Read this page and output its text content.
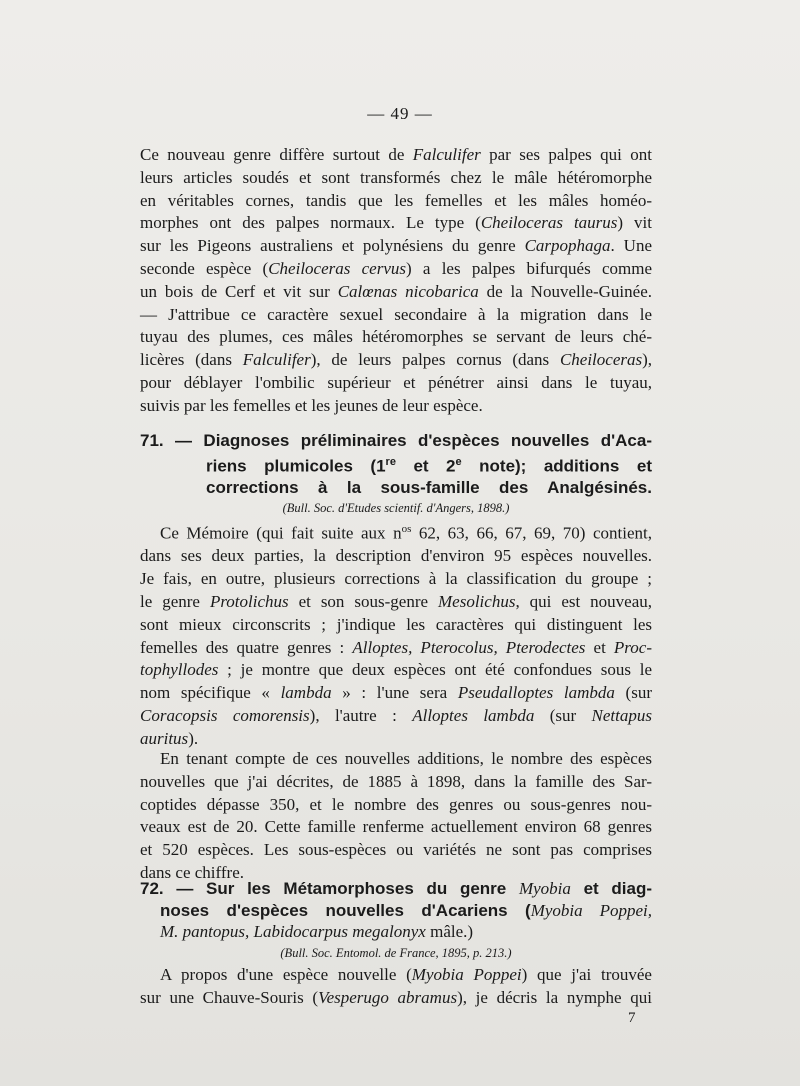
— 49 —

Ce nouveau genre diffère surtout de Falculifer par ses palpes qui ont
leurs articles soudés et sont transformés chez le mâle hétéromorphe
en véritables cornes, tandis que les femelles et les mâles homéo-
morphes ont des palpes normaux. Le type (Cheiloceras taurus) vit
sur les Pigeons australiens et polynésiens du genre Carpophaga. Une
seconde espèce (Cheiloceras cervus) a les palpes bifurqués comme
un bois de Cerf et vit sur Calœnas nicobarica de la Nouvelle-Guinée.
— J'attribue ce caractère sexuel secondaire à la migration dans le
tuyau des plumes, ces mâles hétéromorphes se servant de leurs ché-
licères (dans Falculifer), de leurs palpes cornus (dans Cheiloceras),
pour déblayer l'ombilic supérieur et pénétrer ainsi dans le tuyau,
suivis par les femelles et les jeunes de leur espèce.

71. — Diagnoses préliminaires d'espèces nouvelles d'Aca-
riens plumicoles (1re et 2e note); additions et
corrections à la sous-famille des Analgésinés.
(Bull. Soc. d'Etudes scientif. d'Angers, 1898.)

Ce Mémoire (qui fait suite aux $n^{os}$ 62, 63, 66, 67, 69, 70) contient,
dans ses deux parties, la description d'environ 95 espèces nouvelles.
Je fais, en outre, plusieurs corrections à la classification du groupe ;
le genre Protolichus et son sous-genre Mesolichus, qui est nouveau,
sont mieux circonscrits ; j'indique les caractères qui distinguent les
femelles des quatre genres : Alloptes, Pterocolus, Pterodectes et Proc-
tophyllodes ; je montre que deux espèces ont été confondues sous le
nom spécifique « lambda » : l'une sera Pseudalloptes lambda (sur
Coracopsis comorensis), l'autre : Alloptes lambda (sur Nettapus
auritus).

En tenant compte de ces nouvelles additions, le nombre des espèces
nouvelles que j'ai décrites, de 1885 à 1898, dans la famille des Sar-
coptides dépasse 350, et le nombre des genres ou sous-genres nou-
veaux est de 20. Cette famille renferme actuellement environ 68 genres
et 520 espèces. Les sous-espèces ou variétés ne sont pas comprises
dans ce chiffre.

72. — Sur les Métamorphoses du genre Myobia et diag-
noses d'espèces nouvelles d'Acariens (Myobia Poppei,
M. pantopus, Labidocarpus megalonyx mâle.)
(Bull. Soc. Entomol. de France, 1895, p. 213.)

A propos d'une espèce nouvelle (Myobia Poppei) que j'ai trouvée
sur une Chauve-Souris (Vesperugo abramus), je décris la nymphe qui

7
